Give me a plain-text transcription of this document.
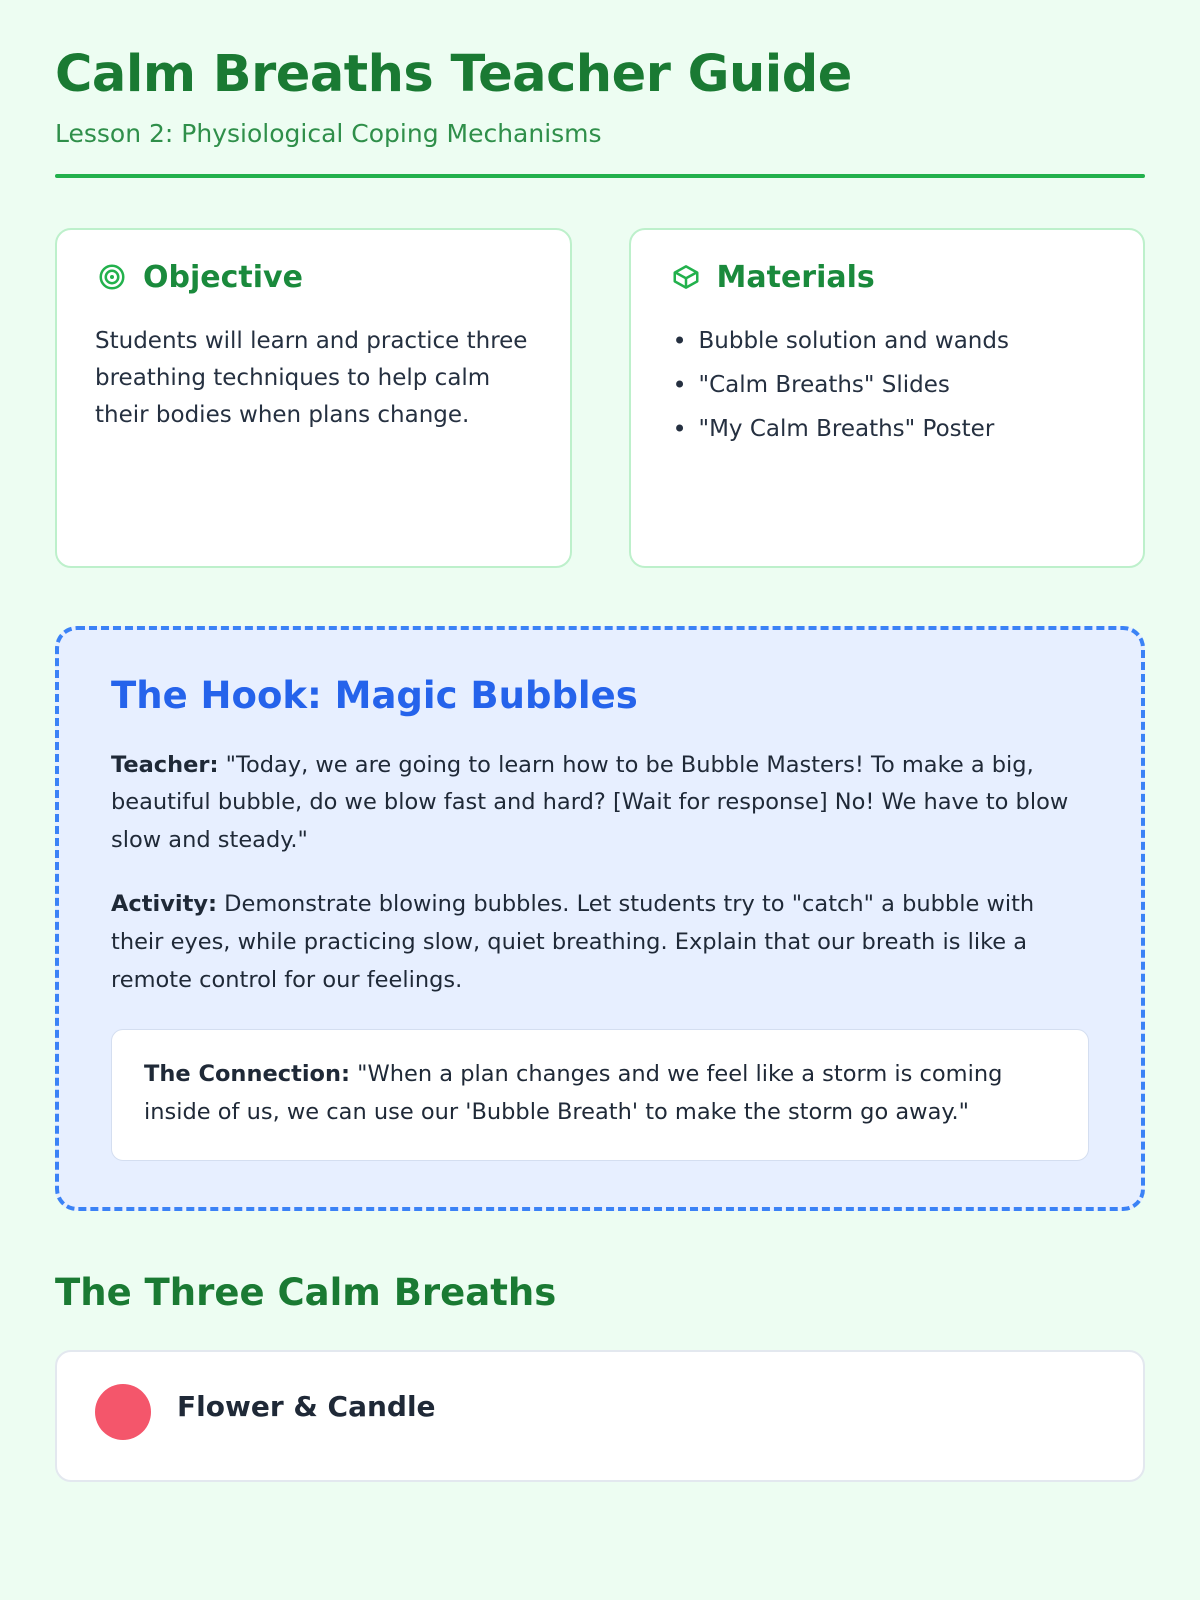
Calm Breaths Teacher Guide
Lesson 2: Physiological Coping Mechanisms
Objective

Students will learn and practice three breathing techniques to help calm their bodies when plans change.

Materials
• Bubble solution and wands
• "Calm Breaths" Slides
• "My Calm Breaths" Poster
The Hook: Magic Bubbles

Teacher: "Today, we are going to learn how to be Bubble Masters! To make a big, beautiful bubble, do we blow fast and hard? [Wait for response] No! We have to blow slow and steady."

Activity: Demonstrate blowing bubbles. Let students try to "catch" a bubble with their eyes, while practicing slow, quiet breathing. Explain that our breath is like a remote control for our feelings.

The Connection: "When a plan changes and we feel like a storm is coming inside of us, we can use our 'Bubble Breath' to make the storm go away."

The Three Calm Breaths
Flower & Candle
